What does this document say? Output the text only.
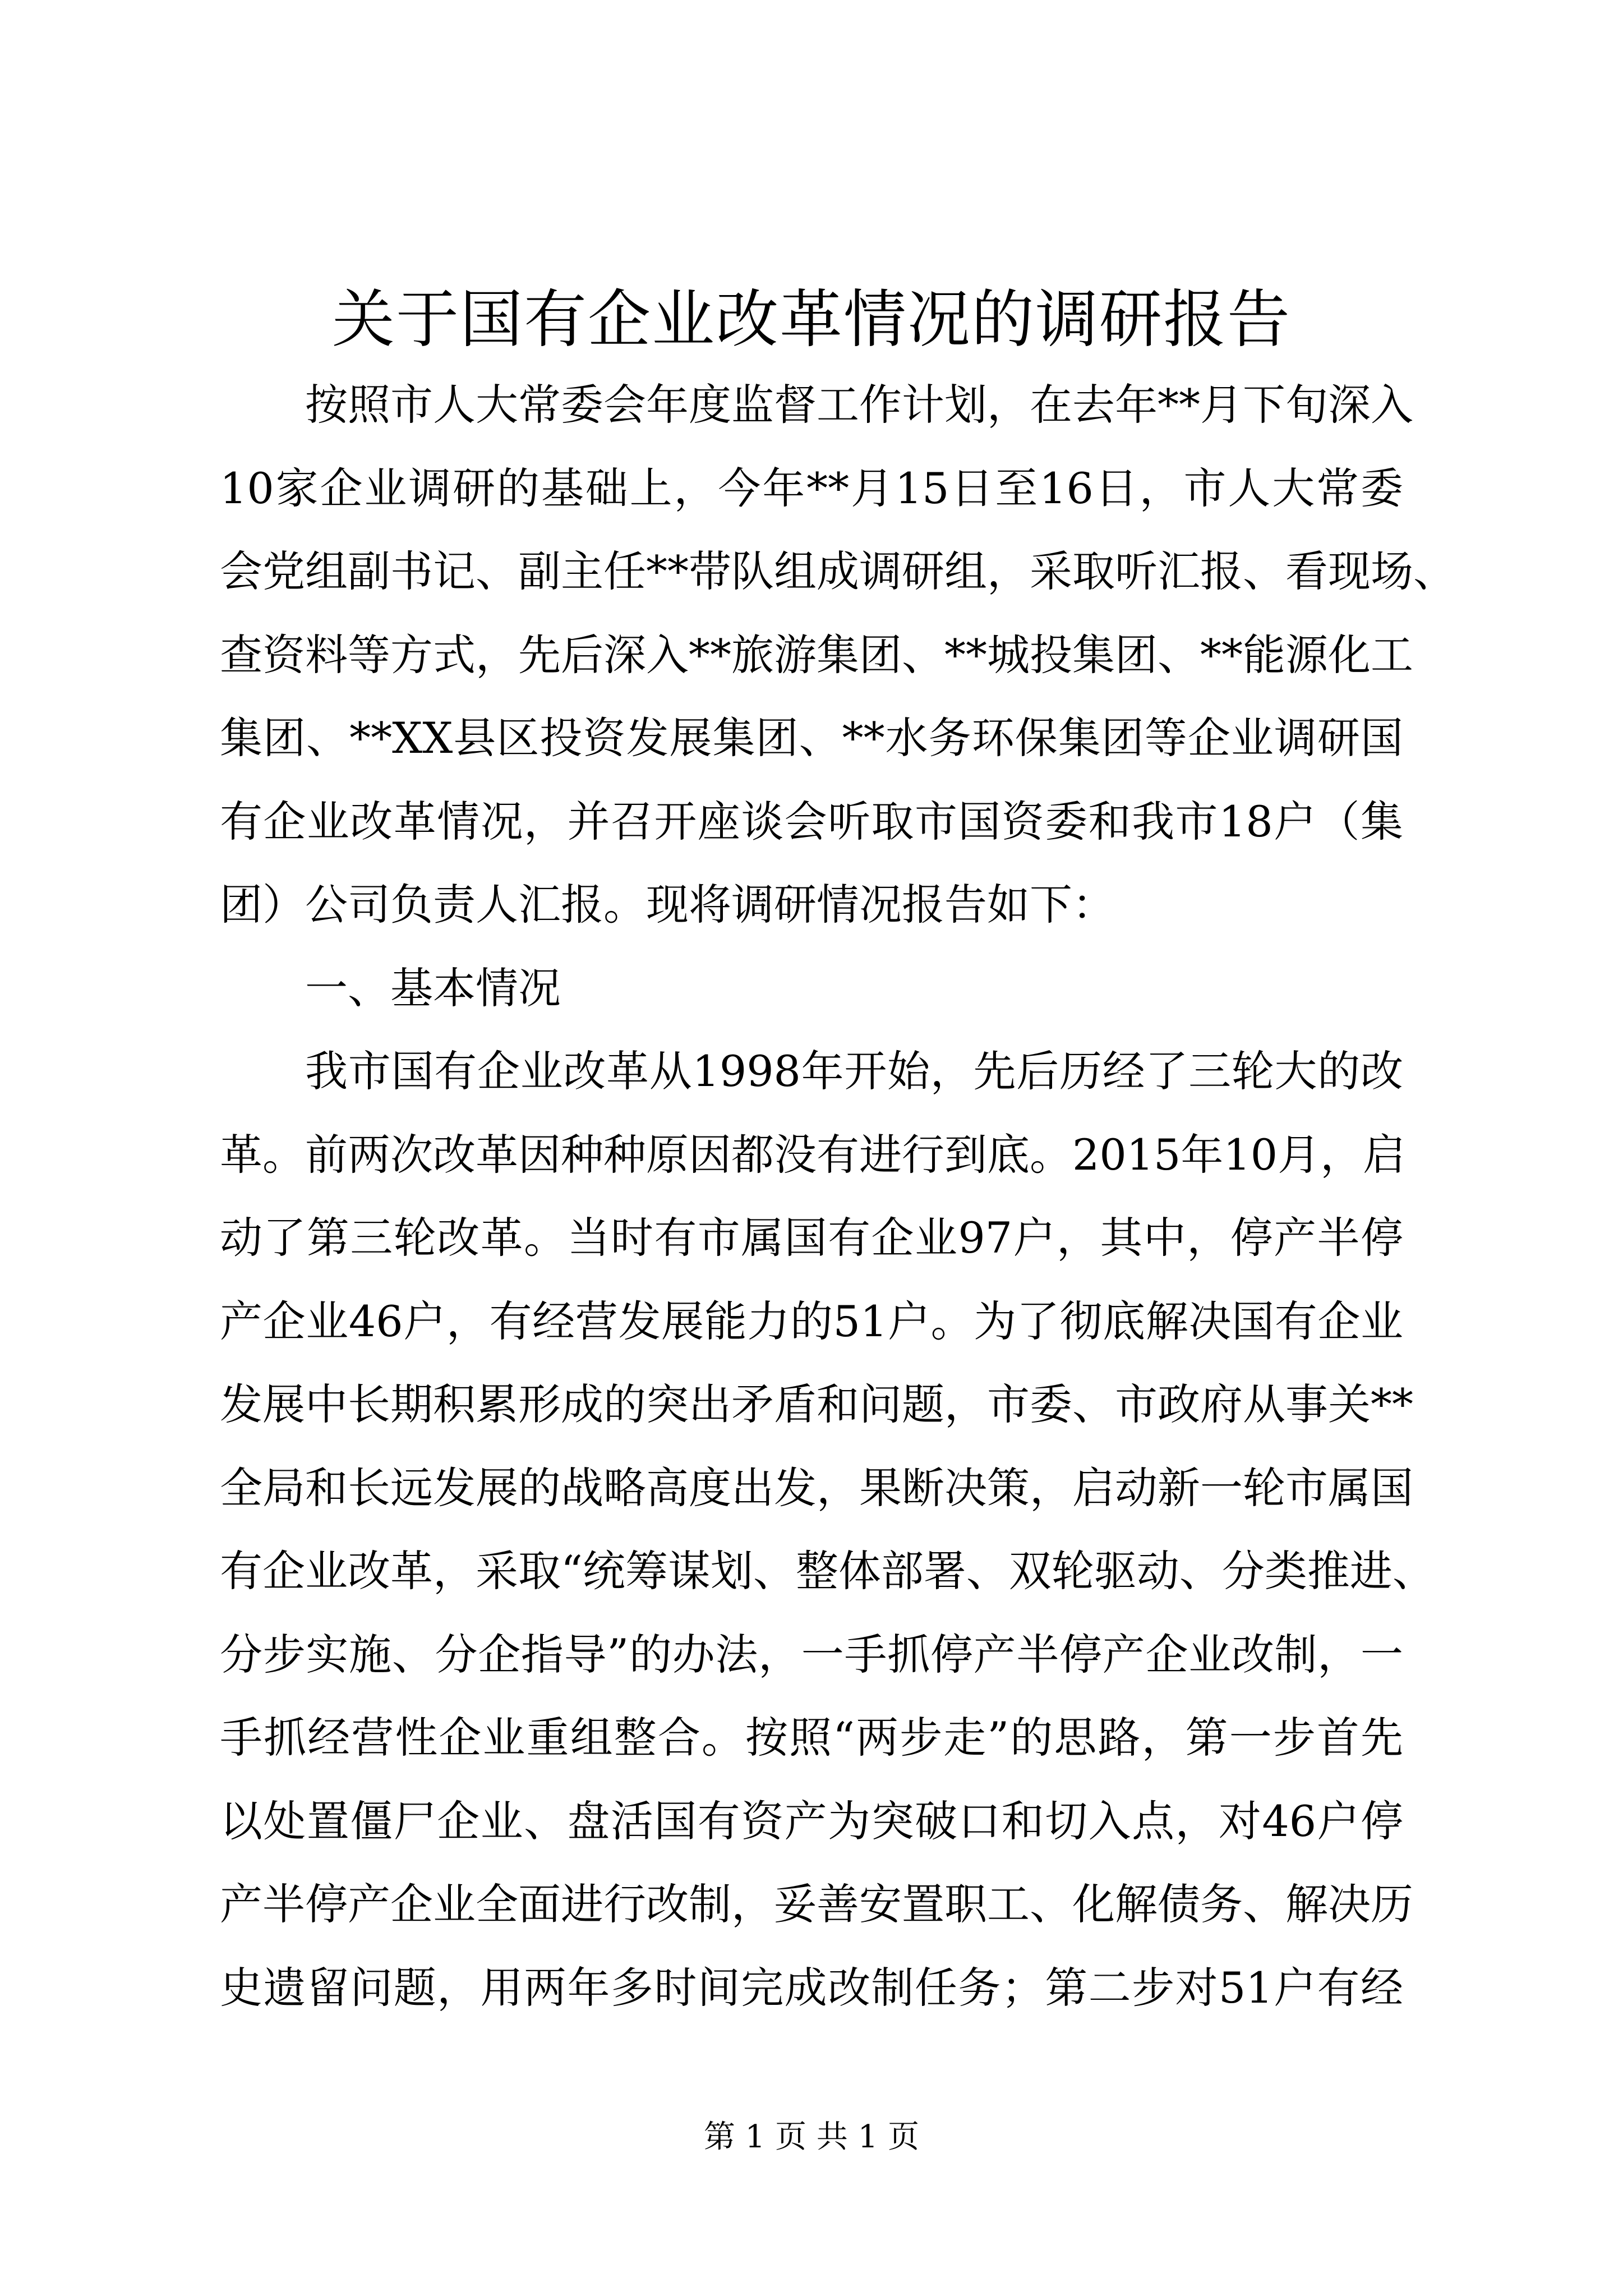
关于国有企业改革情况的调研报告
按照市人大常委会年度监督工作计划，在去年**月下旬深入
10家企业调研的基础上，今年**月15日至16日，市人大常委
会党组副书记、副主任**带队组成调研组，采取听汇报、看现场、
查资料等方式，先后深入**旅游集团、**城投集团、**能源化工
集团、**XX县区投资发展集团、**水务环保集团等企业调研国
有企业改革情况，并召开座谈会听取市国资委和我市18户（集
团）公司负责人汇报。现将调研情况报告如下：
一、基本情况
我市国有企业改革从1998年开始，先后历经了三轮大的改
革。前两次改革因种种原因都没有进行到底。2015年10月，启
动了第三轮改革。当时有市属国有企业97户，其中，停产半停
产企业46户，有经营发展能力的51户。为了彻底解决国有企业
发展中长期积累形成的突出矛盾和问题，市委、市政府从事关**
全局和长远发展的战略高度出发，果断决策，启动新一轮市属国
有企业改革，采取“统筹谋划、整体部署、双轮驱动、分类推进、
分步实施、分企指导”的办法，一手抓停产半停产企业改制，一
手抓经营性企业重组整合。按照“两步走”的思路，第一步首先
以处置僵尸企业、盘活国有资产为突破口和切入点，对46户停
产半停产企业全面进行改制，妥善安置职工、化解债务、解决历
史遗留问题，用两年多时间完成改制任务；第二步对51户有经
第 1 页 共 1 页
